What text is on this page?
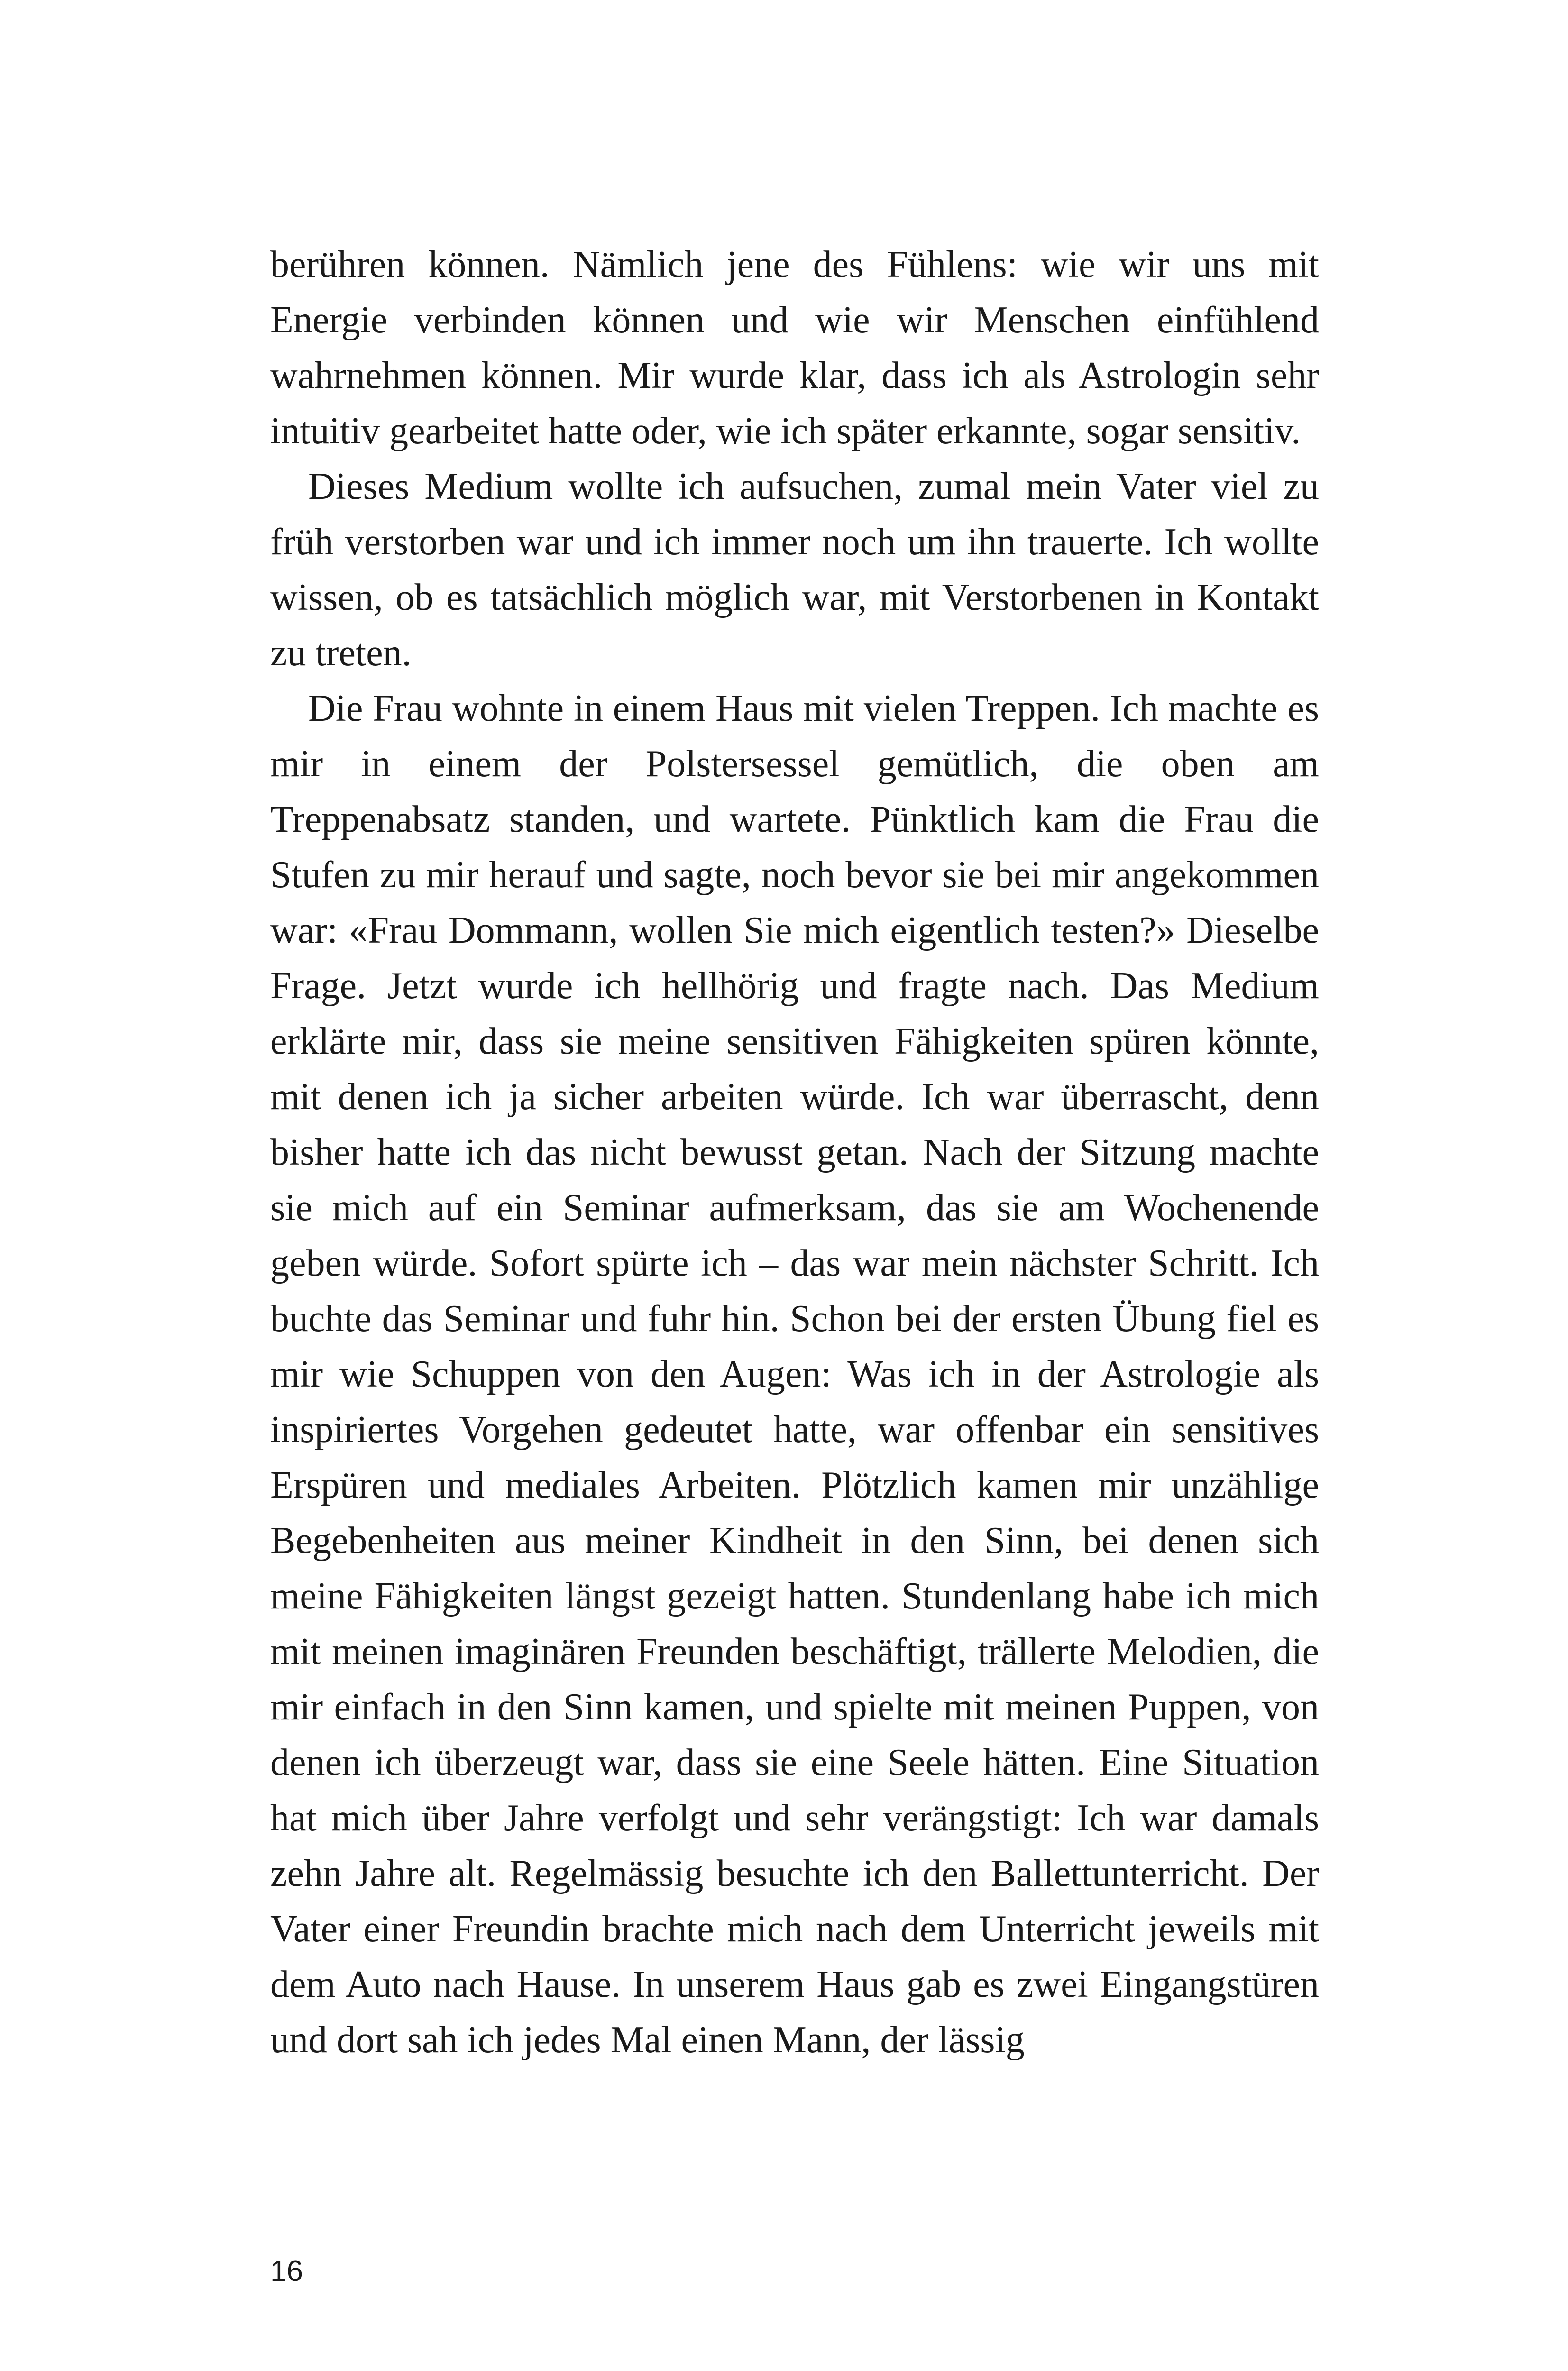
berühren können. Nämlich jene des Fühlens: wie wir uns mit Energie verbinden können und wie wir Menschen einfühlend wahrnehmen können. Mir wurde klar, dass ich als Astrologin sehr intuitiv gearbeitet hatte oder, wie ich später erkannte, sogar sensitiv.

Dieses Medium wollte ich aufsuchen, zumal mein Vater viel zu früh verstorben war und ich immer noch um ihn trauerte. Ich wollte wissen, ob es tatsächlich möglich war, mit Verstorbenen in Kontakt zu treten.

Die Frau wohnte in einem Haus mit vielen Treppen. Ich machte es mir in einem der Polstersessel gemütlich, die oben am Treppenabsatz standen, und wartete. Pünktlich kam die Frau die Stufen zu mir herauf und sagte, noch bevor sie bei mir angekommen war: «Frau Dommann, wollen Sie mich eigentlich testen?» Dieselbe Frage. Jetzt wurde ich hellhörig und fragte nach. Das Medium erklärte mir, dass sie meine sensitiven Fähigkeiten spüren könnte, mit denen ich ja sicher arbeiten würde. Ich war überrascht, denn bisher hatte ich das nicht bewusst getan. Nach der Sitzung machte sie mich auf ein Seminar aufmerksam, das sie am Wochenende geben würde. Sofort spürte ich – das war mein nächster Schritt. Ich buchte das Seminar und fuhr hin. Schon bei der ersten Übung fiel es mir wie Schuppen von den Augen: Was ich in der Astrologie als inspiriertes Vorgehen gedeutet hatte, war offenbar ein sensitives Erspüren und mediales Arbeiten. Plötzlich kamen mir unzählige Begebenheiten aus meiner Kindheit in den Sinn, bei denen sich meine Fähigkeiten längst gezeigt hatten. Stundenlang habe ich mich mit meinen imaginären Freunden beschäftigt, trällerte Melodien, die mir einfach in den Sinn kamen, und spielte mit meinen Puppen, von denen ich überzeugt war, dass sie eine Seele hätten. Eine Situation hat mich über Jahre verfolgt und sehr verängstigt: Ich war damals zehn Jahre alt. Regelmässig besuchte ich den Ballettunterricht. Der Vater einer Freundin brachte mich nach dem Unterricht jeweils mit dem Auto nach Hause. In unserem Haus gab es zwei Eingangstüren und dort sah ich jedes Mal einen Mann, der lässig

16
